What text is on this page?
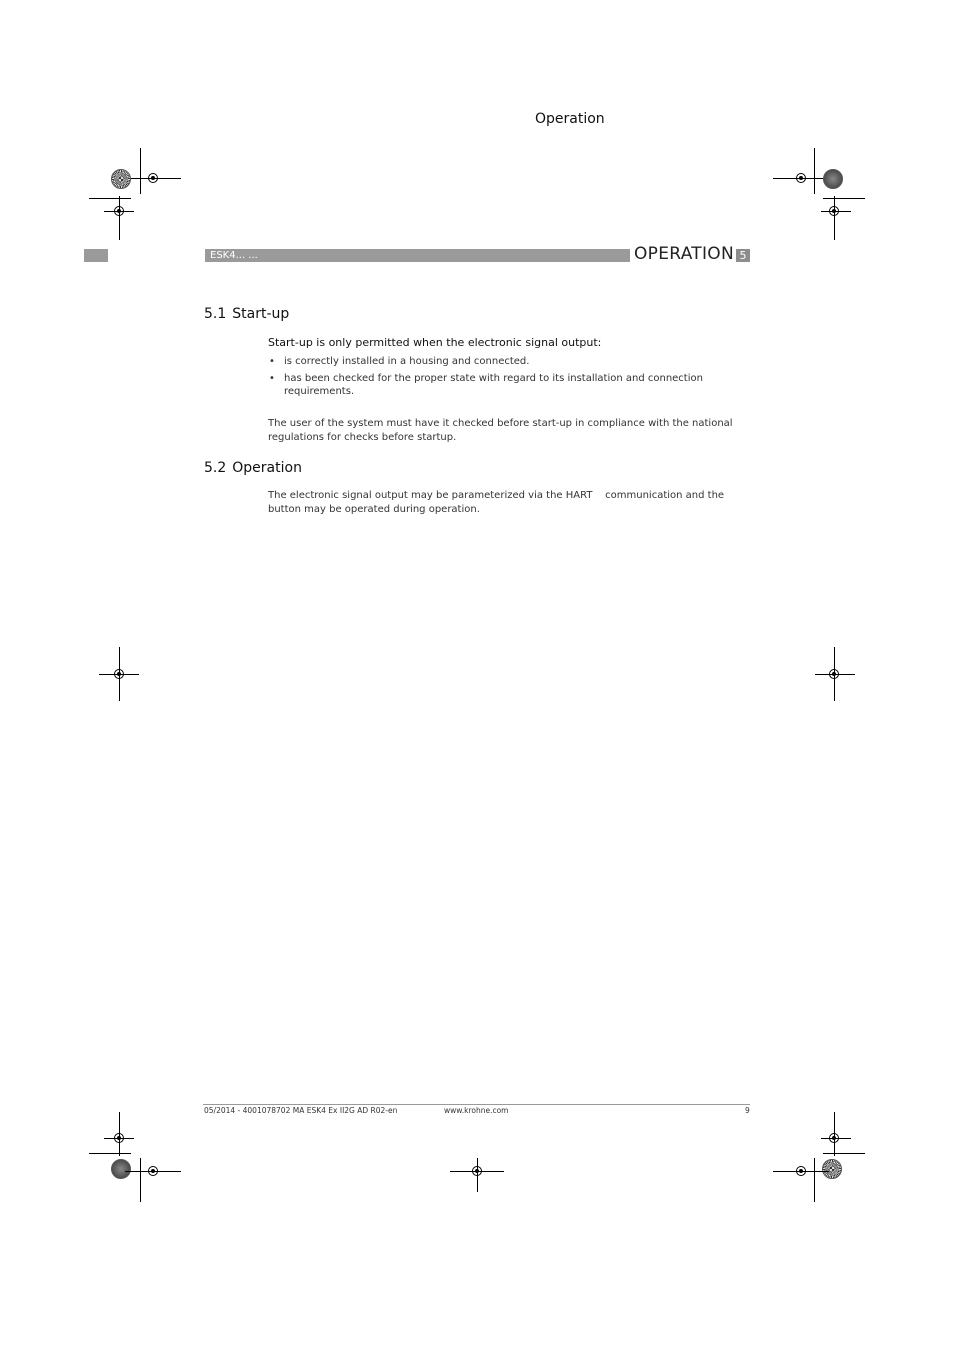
Operation
ESK4... ...	OPERATION 5
5.1 Start-up
Start-up is only permitted when the electronic signal output:
• is correctly installed in a housing and connected.
• has been checked for the proper state with regard to its installation and connection requirements.

The user of the system must have it checked before start-up in compliance with the national regulations for checks before startup.

5.2 Operation

The electronic signal output may be parameterized via the HART    communication and the button may be operated during operation.

05/2014 - 4001078702 MA ESK4 Ex II2G AD R02-en	www.krohne.com	9
